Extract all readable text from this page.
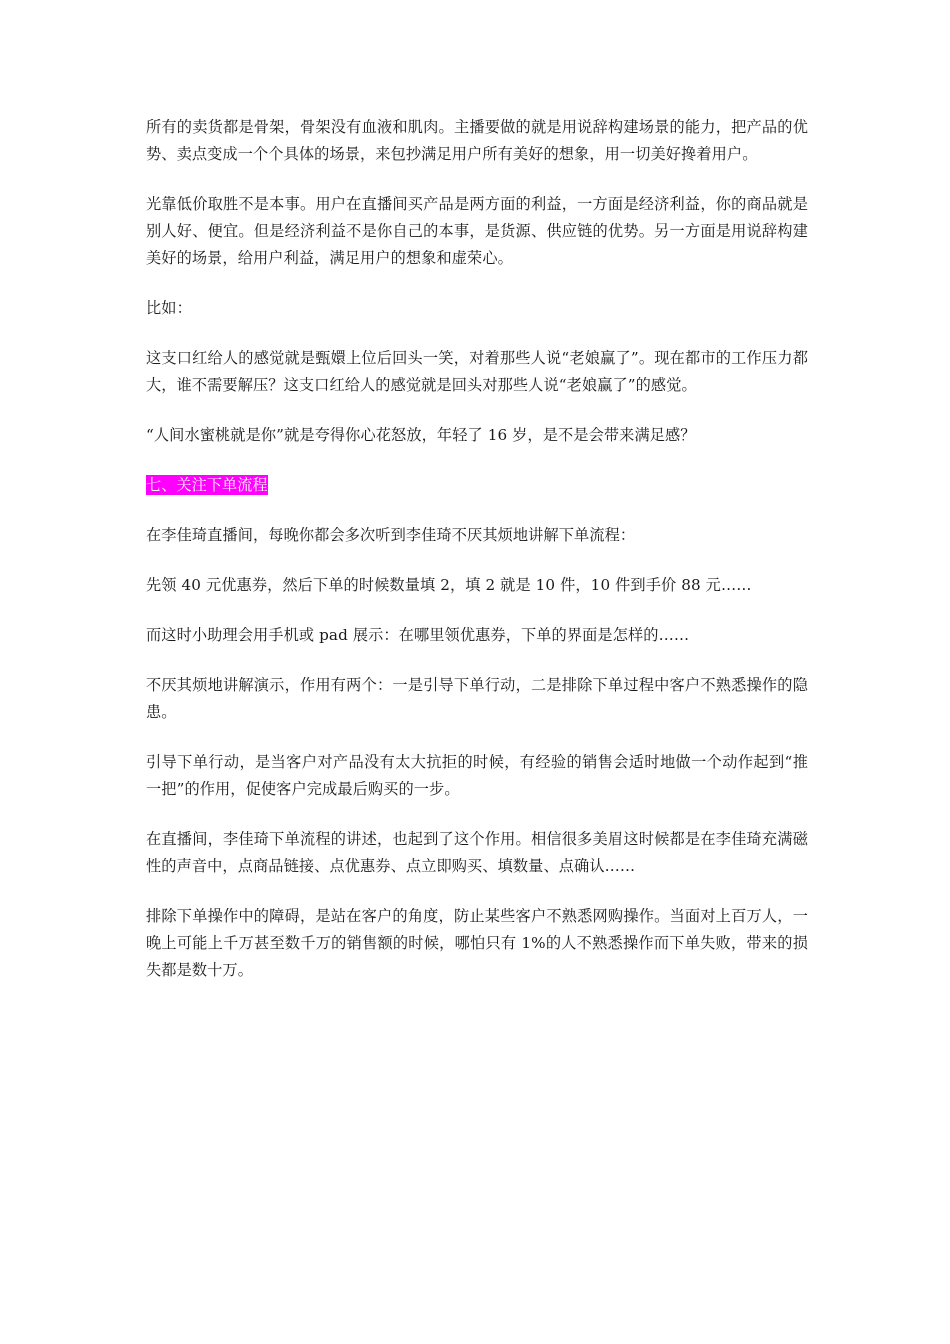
所有的卖货都是骨架，骨架没有血液和肌肉。主播要做的就是用说辞构建场景的能力，把产品的优势、卖点变成一个个具体的场景，来包抄满足用户所有美好的想象，用一切美好搀着用户。

光靠低价取胜不是本事。用户在直播间买产品是两方面的利益，一方面是经济利益，你的商品就是别人好、便宜。但是经济利益不是你自己的本事，是货源、供应链的优势。另一方面是用说辞构建美好的场景，给用户利益，满足用户的想象和虚荣心。

比如：

这支口红给人的感觉就是甄嬛上位后回头一笑，对着那些人说“老娘赢了”。现在都市的工作压力都大，谁不需要解压？这支口红给人的感觉就是回头对那些人说“老娘赢了”的感觉。

“人间水蜜桃就是你”就是夸得你心花怒放，年轻了 16 岁，是不是会带来满足感？

七、关注下单流程

在李佳琦直播间，每晚你都会多次听到李佳琦不厌其烦地讲解下单流程：

先领 40 元优惠券，然后下单的时候数量填 2，填 2 就是 10 件，10 件到手价 88 元……

而这时小助理会用手机或 pad 展示：在哪里领优惠券，下单的界面是怎样的……

不厌其烦地讲解演示，作用有两个：一是引导下单行动，二是排除下单过程中客户不熟悉操作的隐患。

引导下单行动，是当客户对产品没有太大抗拒的时候，有经验的销售会适时地做一个动作起到“推一把”的作用，促使客户完成最后购买的一步。

在直播间，李佳琦下单流程的讲述，也起到了这个作用。相信很多美眉这时候都是在李佳琦充满磁性的声音中，点商品链接、点优惠券、点立即购买、填数量、点确认……

排除下单操作中的障碍，是站在客户的角度，防止某些客户不熟悉网购操作。当面对上百万人，一晚上可能上千万甚至数千万的销售额的时候，哪怕只有 1%的人不熟悉操作而下单失败，带来的损失都是数十万。
